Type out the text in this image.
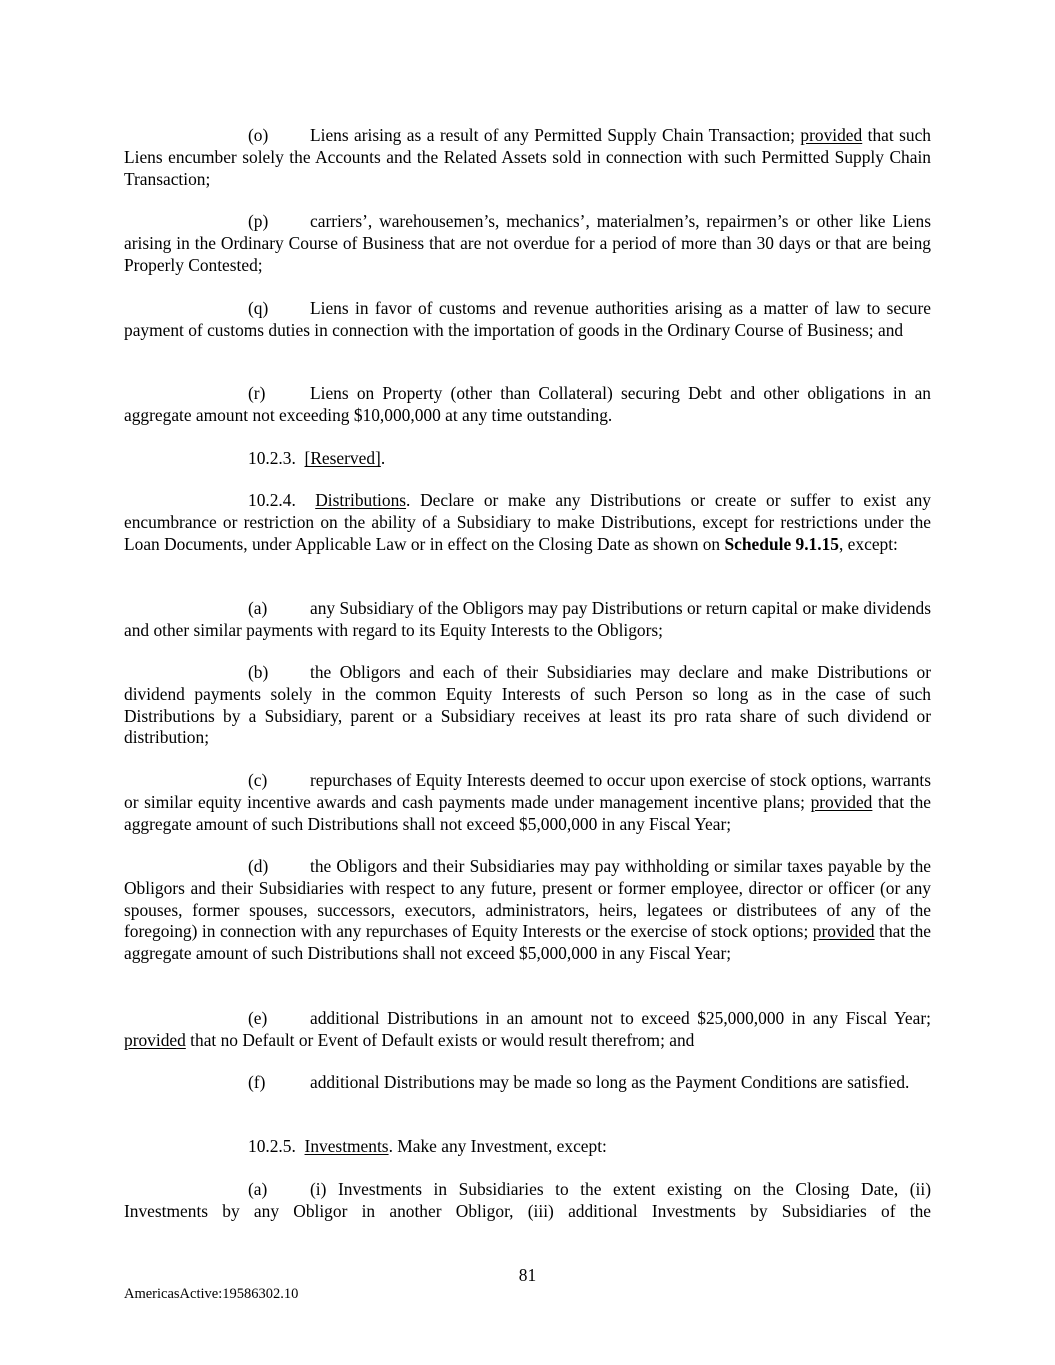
(o) Liens arising as a result of any Permitted Supply Chain Transaction; provided that such Liens encumber solely the Accounts and the Related Assets sold in connection with such Permitted Supply Chain Transaction;

(p) carriers’, warehousemen’s, mechanics’, materialmen’s, repairmen’s or other like Liens arising in the Ordinary Course of Business that are not overdue for a period of more than 30 days or that are being Properly Contested;

(q) Liens in favor of customs and revenue authorities arising as a matter of law to secure payment of customs duties in connection with the importation of goods in the Ordinary Course of Business; and

(r)	Liens on Property (other than Collateral) securing Debt and other obligations in an aggregate amount not exceeding $10,000,000 at any time outstanding.

10.2.3. [Reserved].

10.2.4. Distributions. Declare or make any Distributions or create or suffer to exist any encumbrance or restriction on the ability of a Subsidiary to make Distributions, except for restrictions under the Loan Documents, under Applicable Law or in effect on the Closing Date as shown on Schedule 9.1.15, except:

(a) any Subsidiary of the Obligors may pay Distributions or return capital or make dividends and other similar payments with regard to its Equity Interests to the Obligors;

(b) the Obligors and each of their Subsidiaries may declare and make Distributions or dividend payments solely in the common Equity Interests of such Person so long as in the case of such Distributions by a Subsidiary, parent or a Subsidiary receives at least its pro rata share of such dividend or distribution;

(c) repurchases of Equity Interests deemed to occur upon exercise of stock options, warrants or similar equity incentive awards and cash payments made under management incentive plans; provided that the aggregate amount of such Distributions shall not exceed $5,000,000 in any Fiscal Year;

(d) the Obligors and their Subsidiaries may pay withholding or similar taxes payable by the Obligors and their Subsidiaries with respect to any future, present or former employee, director or officer (or any spouses, former spouses, successors, executors, administrators, heirs, legatees or distributees of any of the foregoing) in connection with any repurchases of Equity Interests or the exercise of stock options; provided that the aggregate amount of such Distributions shall not exceed $5,000,000 in any Fiscal Year;

(e) additional Distributions in an amount not to exceed $25,000,000 in any Fiscal Year; provided that no Default or Event of Default exists or would result therefrom; and

(f)	additional Distributions may be made so long as the Payment Conditions are satisfied.

10.2.5. Investments. Make any Investment, except:

(a) (i) Investments in Subsidiaries to the extent existing on the Closing Date, (ii) Investments by any Obligor in another Obligor, (iii) additional Investments by Subsidiaries of the

81
AmericasActive:19586302.10
